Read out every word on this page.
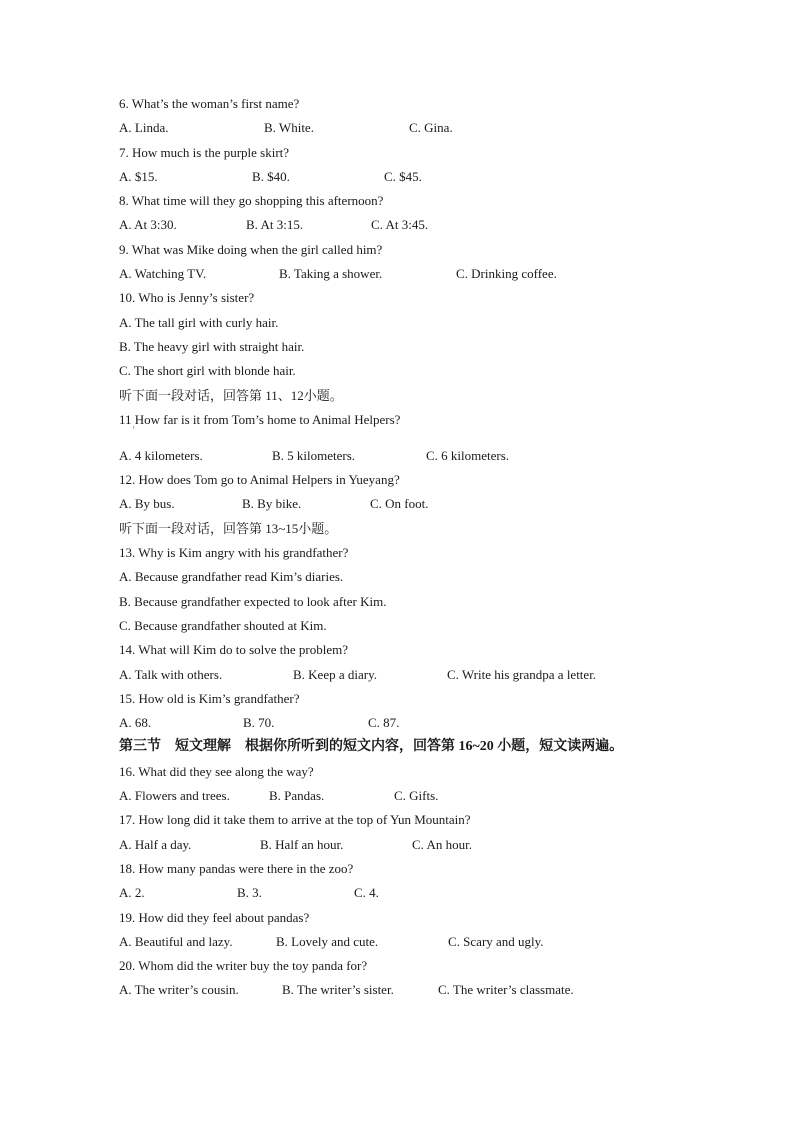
6. What’s the woman’s first name?
A. Linda.	B. White.	C. Gina.
7. How much is the purple skirt?
A. $15.	B. $40.	C. $45.
8. What time will they go shopping this afternoon?
A. At 3:30.	B. At 3:15.	C. At 3:45.
9. What was Mike doing when the girl called him?
A. Watching TV.	B. Taking a shower.	C. Drinking coffee.
10. Who is Jenny’s sister?
A. The tall girl with curly hair.
B. The heavy girl with straight hair.
C. The short girl with blonde hair.
听下面一段对话，回答第 11、12小题。
11 How far is it from Tom’s home to Animal Helpers?
'
A. 4 kilometers.	B. 5 kilometers.	C. 6 kilometers.
12. How does Tom go to Animal Helpers in Yueyang?
A. By bus.	B. By bike.	C. On foot.
听下面一段对话，回答第 13~15小题。
13. Why is Kim angry with his grandfather?
A. Because grandfather read Kim’s diaries.
B. Because grandfather expected to look after Kim.
C. Because grandfather shouted at Kim.
14. What will Kim do to solve the problem?
A. Talk with others.	B. Keep a diary.	C. Write his grandpa a letter.
15. How old is Kim’s grandfather?
A. 68.	B. 70.	C. 87.
第三节　短文理解　根据你所听到的短文内容，回答第 16~20 小题，短文读两遍。
16. What did they see along the way?
A. Flowers and trees.	B. Pandas.	C. Gifts.
17. How long did it take them to arrive at the top of Yun Mountain?
A. Half a day.	B. Half an hour.	C. An hour.
18. How many pandas were there in the zoo?
A. 2.	B. 3.	C. 4.
19. How did they feel about pandas?
A. Beautiful and lazy.	B. Lovely and cute.	C. Scary and ugly.
20. Whom did the writer buy the toy panda for?
A. The writer’s cousin.	B. The writer’s sister.	C. The writer’s classmate.
